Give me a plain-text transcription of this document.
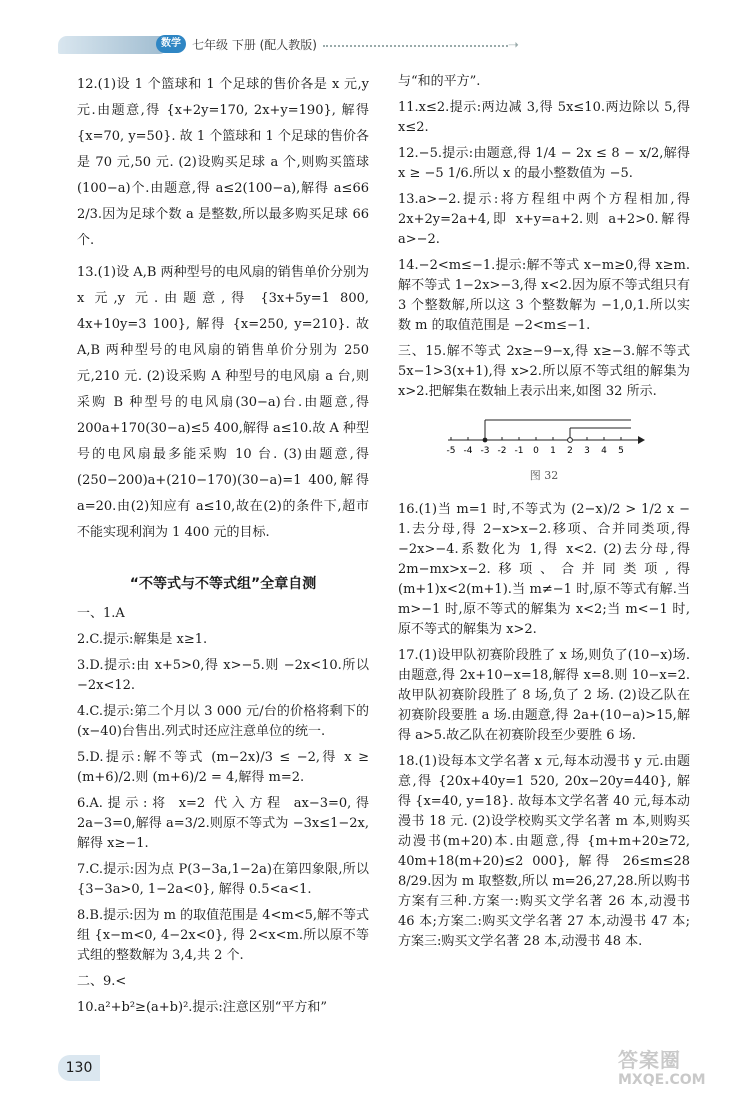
数学 七年级 下册 (配人教版)	➝

12.(1)设 1 个篮球和 1 个足球的售价各是 x 元,y 元.由题意,得 {x+2y=170, 2x+y=190}, 解得 {x=70, y=50}. 故 1 个篮球和 1 个足球的售价各是 70 元,50 元. (2)设购买足球 a 个,则购买篮球(100−a)个.由题意,得 a≤2(100−a),解得 a≤66 2/3.因为足球个数 a 是整数,所以最多购买足球 66 个.

13.(1)设 A,B 两种型号的电风扇的销售单价分别为 x 元,y 元.由题意,得 {3x+5y=1 800, 4x+10y=3 100}, 解得 {x=250, y=210}. 故 A,B 两种型号的电风扇的销售单价分别为 250 元,210 元. (2)设采购 A 种型号的电风扇 a 台,则采购 B 种型号的电风扇(30−a)台.由题意,得 200a+170(30−a)≤5 400,解得 a≤10.故 A 种型号的电风扇最多能采购 10 台. (3)由题意,得 (250−200)a+(210−170)(30−a)=1 400,解得 a=20.由(2)知应有 a≤10,故在(2)的条件下,超市不能实现利润为 1 400 元的目标.

“不等式与不等式组”全章自测

一、1.A

2.C.提示:解集是 x≥1.

3.D.提示:由 x+5>0,得 x>−5.则 −2x<10.所以 −2x<12.

4.C.提示:第二个月以 3 000 元/台的价格将剩下的(x−40)台售出.列式时还应注意单位的统一.

5.D.提示:解不等式 (m−2x)/3 ≤ −2,得 x ≥ (m+6)/2.则 (m+6)/2 = 4,解得 m=2.

6.A.提示:将 x=2 代入方程 ax−3=0,得 2a−3=0,解得 a=3/2.则原不等式为 −3x≤1−2x,解得 x≥−1.

7.C.提示:因为点 P(3−3a,1−2a)在第四象限,所以 {3−3a>0, 1−2a<0}, 解得 0.5<a<1.

8.B.提示:因为 m 的取值范围是 4<m<5,解不等式组 {x−m<0, 4−2x<0}, 得 2<x<m.所以原不等式组的整数解为 3,4,共 2 个.

二、9.<

10.a²+b²≥(a+b)².提示:注意区别“平方和”

与“和的平方”.

11.x≤2.提示:两边减 3,得 5x≤10.两边除以 5,得 x≤2.

12.−5.提示:由题意,得 1/4 − 2x ≤ 8 − x/2,解得 x ≥ −5 1/6.所以 x 的最小整数值为 −5.

13.a>−2.提示:将方程组中两个方程相加,得 2x+2y=2a+4,即 x+y=a+2.则 a+2>0.解得 a>−2.

14.−2<m≤−1.提示:解不等式 x−m≥0,得 x≥m.解不等式 1−2x>−3,得 x<2.因为原不等式组只有 3 个整数解,所以这 3 个整数解为 −1,0,1.所以实数 m 的取值范围是 −2<m≤−1.

三、15.解不等式 2x≥−9−x,得 x≥−3.解不等式 5x−1>3(x+1),得 x>2.所以原不等式组的解集为 x>2.把解集在数轴上表示出来,如图 32 所示.

-5 -4 -3 -2 -1 0 1 2 3 4 5
图 32

16.(1)当 m=1 时,不等式为 (2−x)/2 > 1/2 x − 1.去分母,得 2−x>x−2.移项、合并同类项,得 −2x>−4.系数化为 1,得 x<2. (2)去分母,得 2m−mx>x−2.移项、合并同类项,得 (m+1)x<2(m+1).当 m≠−1 时,原不等式有解.当 m>−1 时,原不等式的解集为 x<2;当 m<−1 时,原不等式的解集为 x>2.

17.(1)设甲队初赛阶段胜了 x 场,则负了(10−x)场.由题意,得 2x+10−x=18,解得 x=8.则 10−x=2.故甲队初赛阶段胜了 8 场,负了 2 场. (2)设乙队在初赛阶段要胜 a 场.由题意,得 2a+(10−a)>15,解得 a>5.故乙队在初赛阶段至少要胜 6 场.

18.(1)设每本文学名著 x 元,每本动漫书 y 元.由题意,得 {20x+40y=1 520, 20x−20y=440}, 解得 {x=40, y=18}. 故每本文学名著 40 元,每本动漫书 18 元. (2)设学校购买文学名著 m 本,则购买动漫书(m+20)本.由题意,得 {m+m+20≥72, 40m+18(m+20)≤2 000}, 解得 26≤m≤28 8/29.因为 m 取整数,所以 m=26,27,28.所以购书方案有三种.方案一:购买文学名著 26 本,动漫书 46 本;方案二:购买文学名著 27 本,动漫书 47 本;方案三:购买文学名著 28 本,动漫书 48 本.

130	答案圈
MXQE.COM
